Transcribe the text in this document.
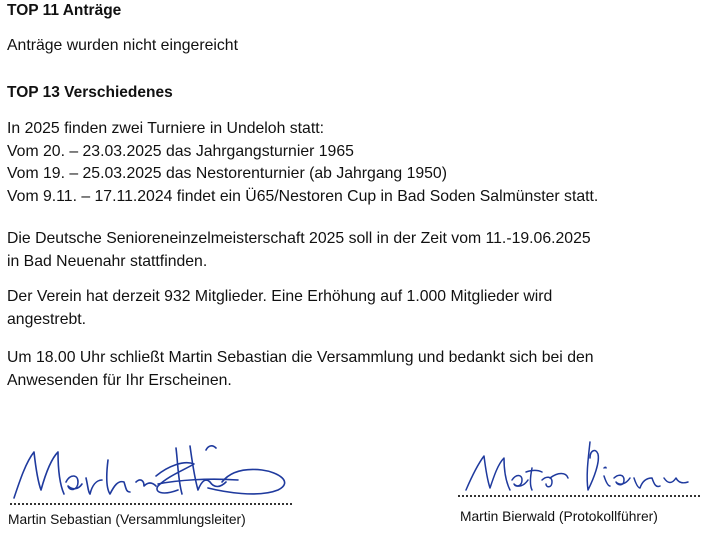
TOP 11 Anträge

Anträge wurden nicht eingereicht

TOP 13 Verschiedenes

In 2025 finden zwei Turniere in Undeloh statt:
Vom 20. – 23.03.2025 das Jahrgangsturnier 1965
Vom 19. – 25.03.2025 das Nestorenturnier (ab Jahrgang 1950)
Vom 9.11. – 17.11.2024 findet ein Ü65/Nestoren Cup in Bad Soden Salmünster statt.

Die Deutsche Senioreneinzelmeisterschaft 2025 soll in der Zeit vom 11.-19.06.2025
in Bad Neuenahr stattfinden.

Der Verein hat derzeit 932 Mitglieder. Eine Erhöhung auf 1.000 Mitglieder wird
angestrebt.

Um 18.00 Uhr schließt Martin Sebastian die Versammlung und bedankt sich bei den
Anwesenden für Ihr Erscheinen.

Martin Sebastian (Versammlungsleiter)	Martin Bierwald (Protokollführer)
